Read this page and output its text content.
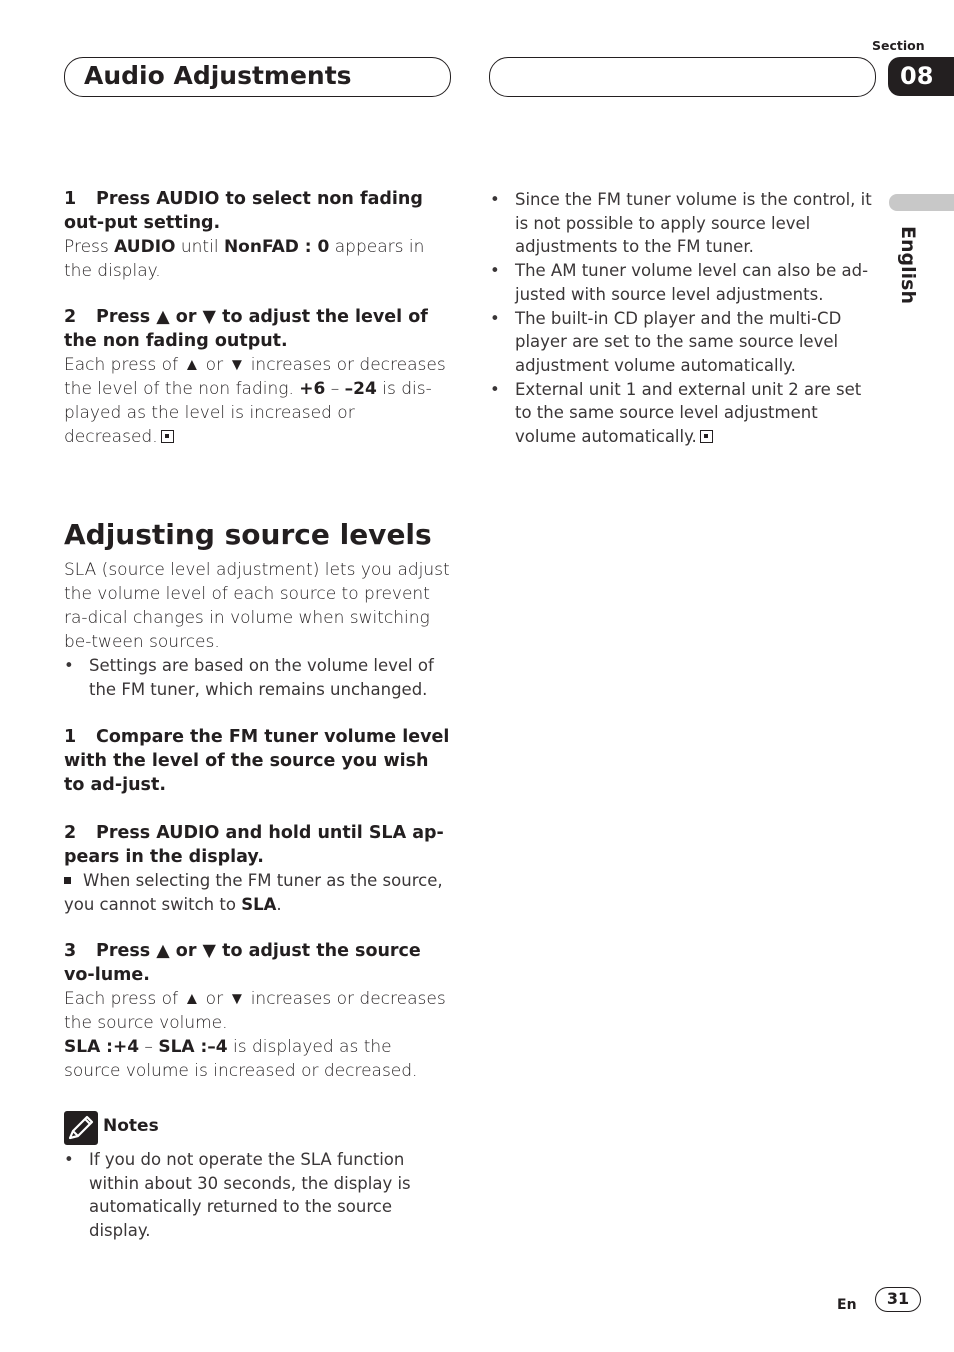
Audio Adjustments
Section
08
English
1 Press AUDIO to select non fading out-put setting.
Press AUDIO until NonFAD : 0 appears in the display.
2 Press ▲ or ▼ to adjust the level of the non fading output.
Each press of ▲ or ▼ increases or decreases the level of the non fading. +6 – –24 is dis-played as the level is increased or decreased.
Adjusting source levels
SLA (source level adjustment) lets you adjust the volume level of each source to prevent ra-dical changes in volume when switching be-tween sources.
• Settings are based on the volume level of the FM tuner, which remains unchanged.
1 Compare the FM tuner volume level with the level of the source you wish to ad-just.
2 Press AUDIO and hold until SLA ap-pears in the display.
When selecting the FM tuner as the source, you cannot switch to SLA.
3 Press ▲ or ▼ to adjust the source vo-lume.
Each press of ▲ or ▼ increases or decreases the source volume.
SLA :+4 – SLA :–4 is displayed as the source volume is increased or decreased.
Notes
• If you do not operate the SLA function within about 30 seconds, the display is automatically returned to the source display.
• Since the FM tuner volume is the control, it is not possible to apply source level adjustments to the FM tuner.
• The AM tuner volume level can also be ad-justed with source level adjustments.
• The built-in CD player and the multi-CD player are set to the same source level adjustment volume automatically.
• External unit 1 and external unit 2 are set to the same source level adjustment volume automatically.
En	31
